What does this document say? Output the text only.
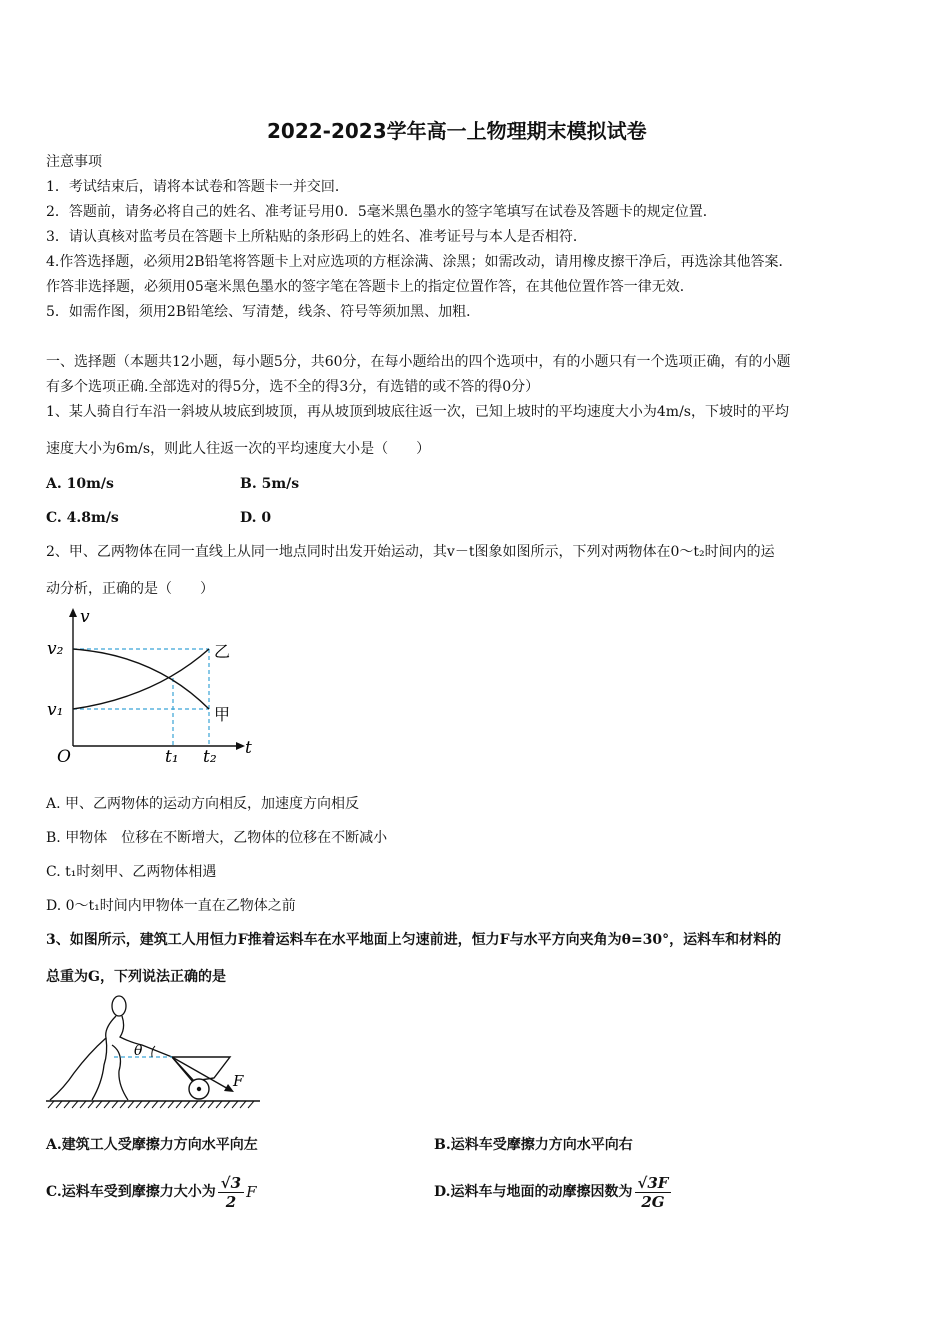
2022-2023学年高一上物理期末模拟试卷
注意事项
1．考试结束后，请将本试卷和答题卡一并交回．
2．答题前，请务必将自己的姓名、准考证号用0．5毫米黑色墨水的签字笔填写在试卷及答题卡的规定位置．
3．请认真核对监考员在答题卡上所粘贴的条形码上的姓名、准考证号与本人是否相符．
4.作答选择题，必须用2B铅笔将答题卡上对应选项的方框涂满、涂黑；如需改动，请用橡皮擦干净后，再选涂其他答案．
作答非选择题，必须用05毫米黑色墨水的签字笔在答题卡上的指定位置作答，在其他位置作答一律无效．
5．如需作图，须用2B铅笔绘、写清楚，线条、符号等须加黑、加粗．
一、选择题（本题共12小题，每小题5分，共60分，在每小题给出的四个选项中，有的小题只有一个选项正确，有的小题
有多个选项正确.全部选对的得5分，选不全的得3分，有选错的或不答的得0分）
1、某人骑自行车沿一斜坡从坡底到坡顶，再从坡顶到坡底往返一次，已知上坡时的平均速度大小为4m/s，下坡时的平均
速度大小为6m/s，则此人往返一次的平均速度大小是（　　）
A. 10m/s	B. 5m/s
C. 4.8m/s	D. 0
2、甲、乙两物体在同一直线上从同一地点同时出发开始运动，其v－t图象如图所示，下列对两物体在0～t₂时间内的运
动分析，正确的是（　　）
v
t
O
v₂
v₁
t₁ t₂
乙
甲
A. 甲、乙两物体的运动方向相反，加速度方向相反
B. 甲物体　位移在不断增大，乙物体的位移在不断减小
C. t₁时刻甲、乙两物体相遇
D. 0～t₁时间内甲物体一直在乙物体之前
3、如图所示，建筑工人用恒力F推着运料车在水平地面上匀速前进，恒力F与水平方向夹角为θ=30°，运料车和材料的
总重为G，下列说法正确的是
θ
F
A.建筑工人受摩擦力方向水平向左	B.运料车受摩擦力方向水平向右
C.运料车受到摩擦力大小为 $\frac{√3}{2}$ F	D.运料车与地面的动摩擦因数为 $\frac{√3F}{2G}$
